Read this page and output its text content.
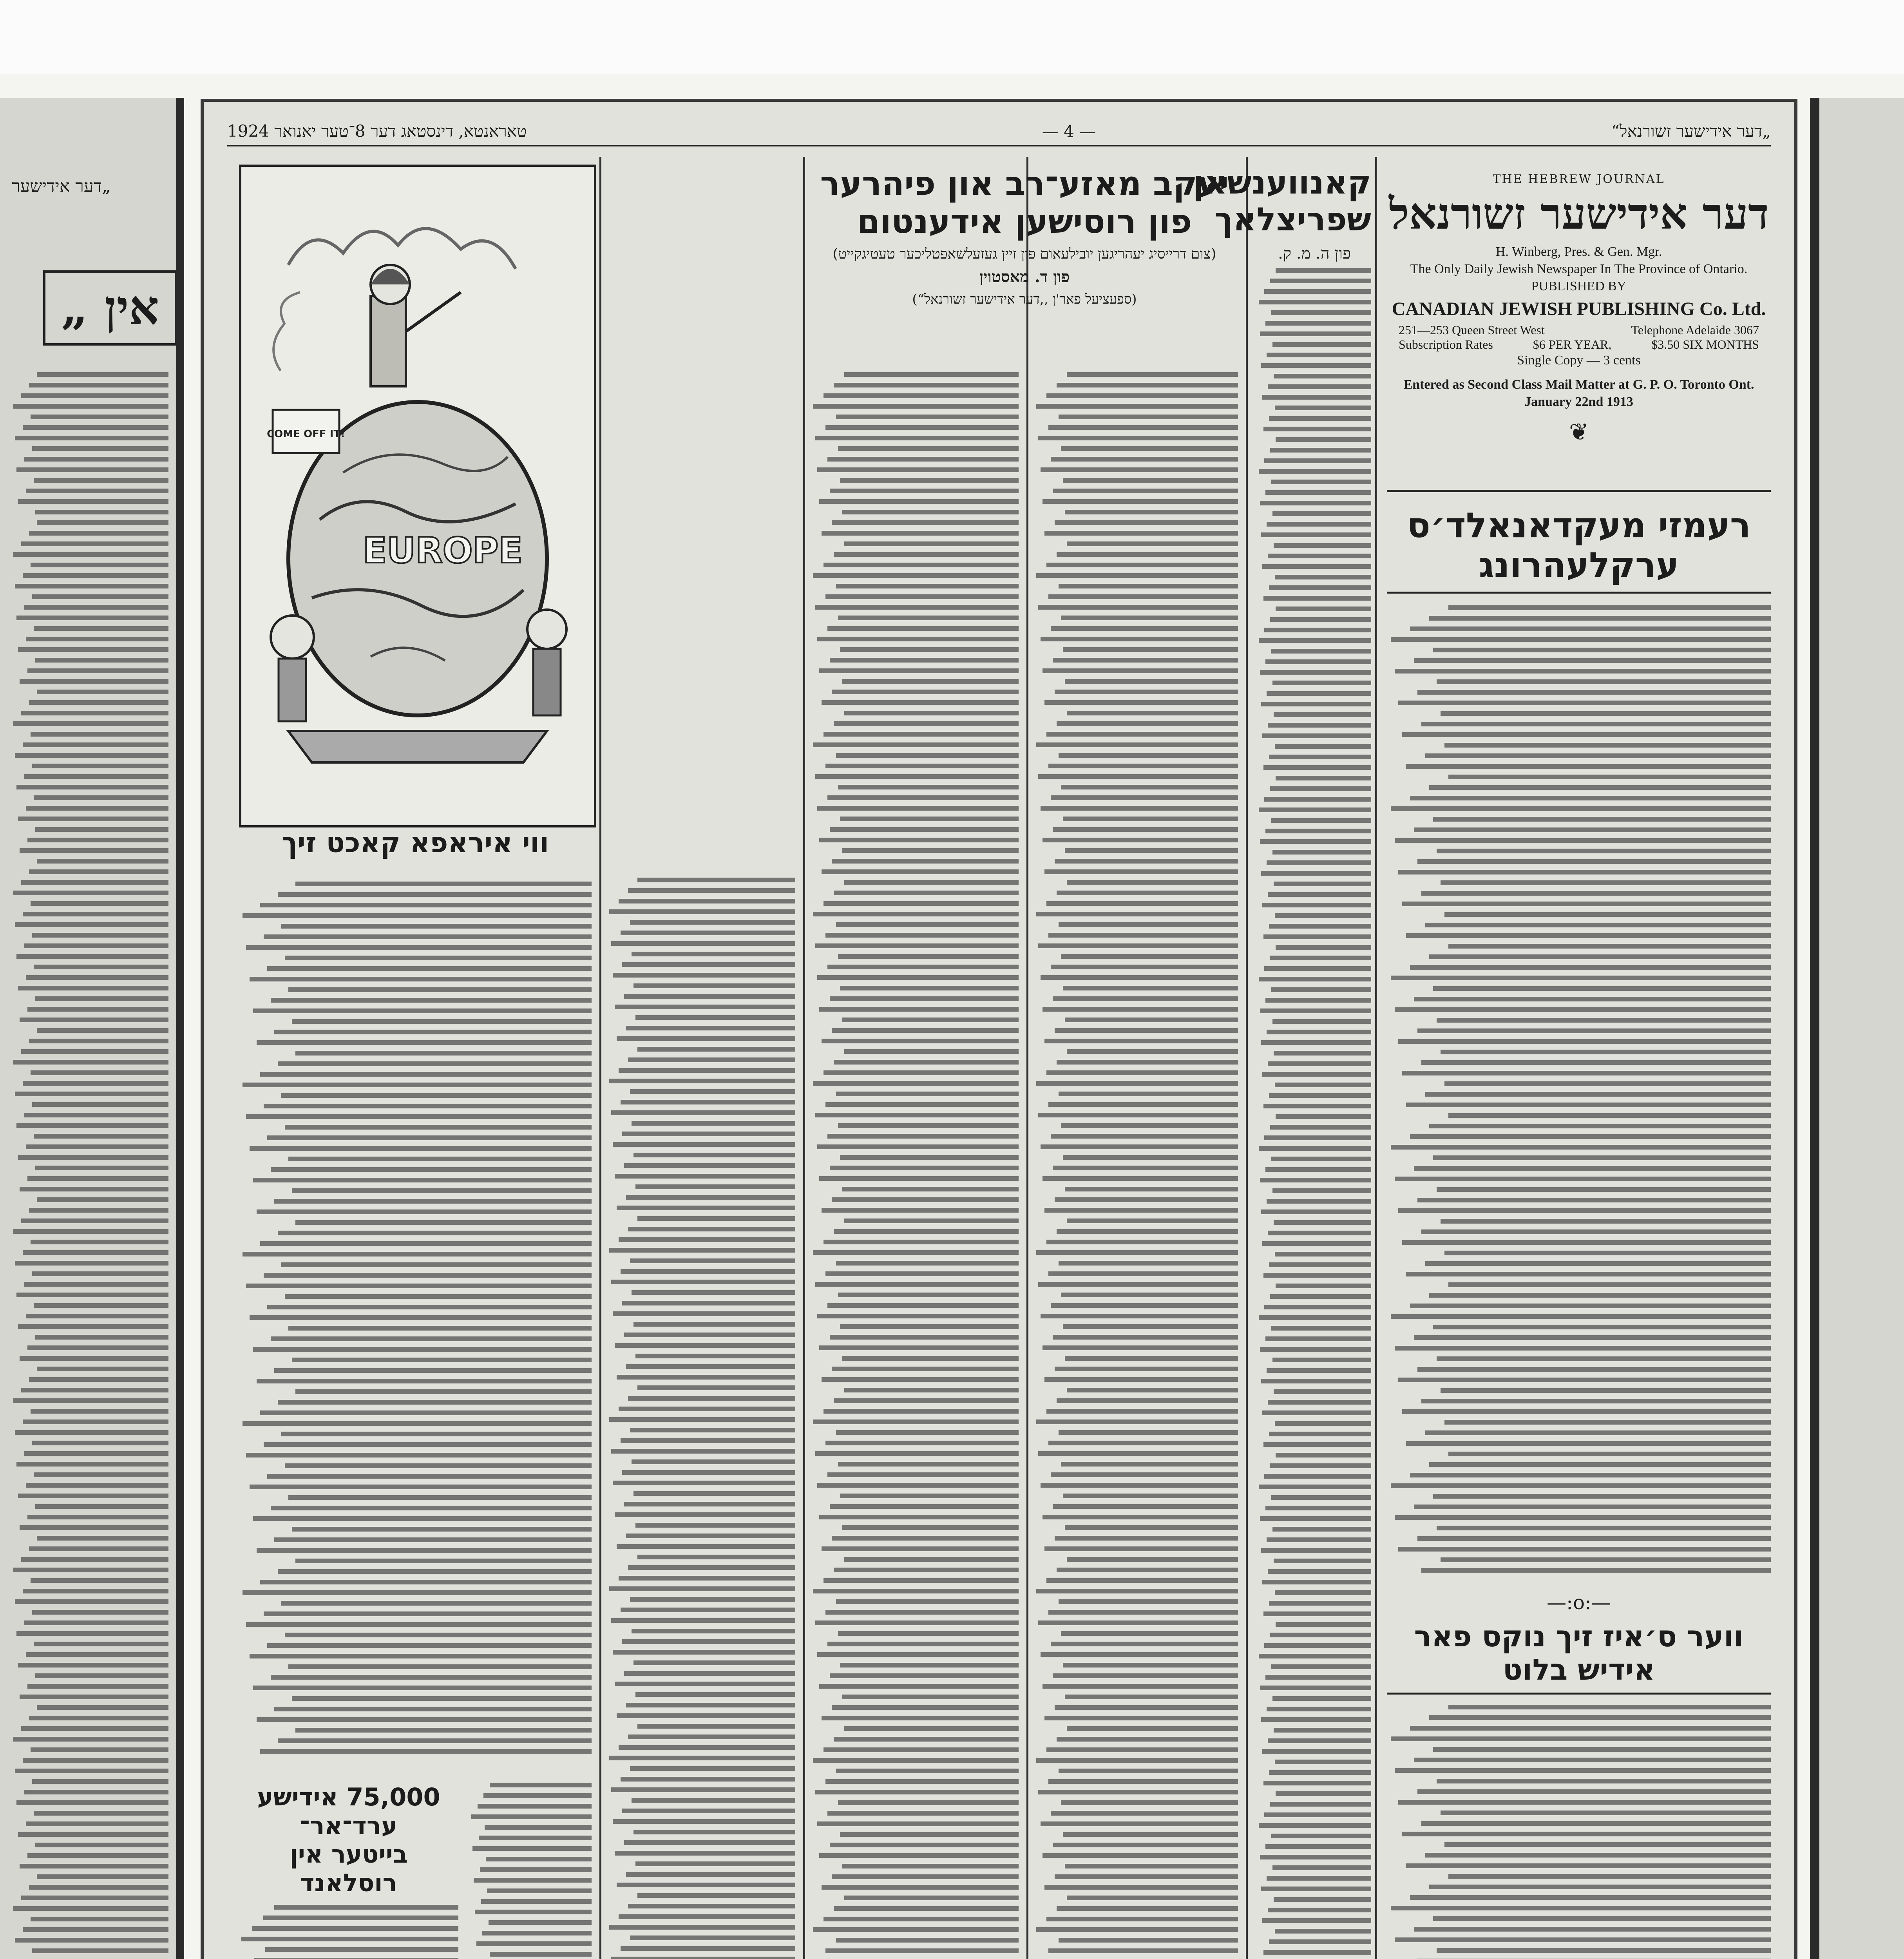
„דער אידישער
אין „
טאראנטא, דינסטאג דער 8־טער יאנואר 1924	— 4 —	„דער אידישער זשורנאל“
THE HEBREW JOURNAL
דער אידישער זשורנאל
H. Winberg, Pres. & Gen. Mgr.
The Only Daily Jewish Newspaper In The Province of Ontario.
PUBLISHED BY
CANADIAN JEWISH PUBLISHING Co. Ltd.
251—253 Queen Street West	Telephone Adelaide 3067
Subscription Rates	$6 PER YEAR,	$3.50 SIX MONTHS
Single Copy — 3 cents
Entered as Second Class Mail Matter at G. P. O. Toronto Ont.
January 22nd 1913
❦
רעמזי מעקדאנאלד׳ס ערקלעהרונג
—:o:—
ווער ס׳איז זיך נוקס פאר אידיש בלוט
קאנווענשאן
שפריצלאך
פון ה. מ. ק.
יעקב מאזע־רב און פיהרער
פון רוסישען אידענטום
(צום דרייסיג יעהריגען יובילעאום פון זיין געזעלשאפטליכער טעטיגקייט)
פון ד. מאסטוין
(ספעציעל פאר'ן ,,דער אידישער זשורנאל“)
EUROPE
COME OFF IT!
ווי איראפא קאכט זיך
75,000 אידישע ערד־אר־
בייטער אין רוסלאנד
